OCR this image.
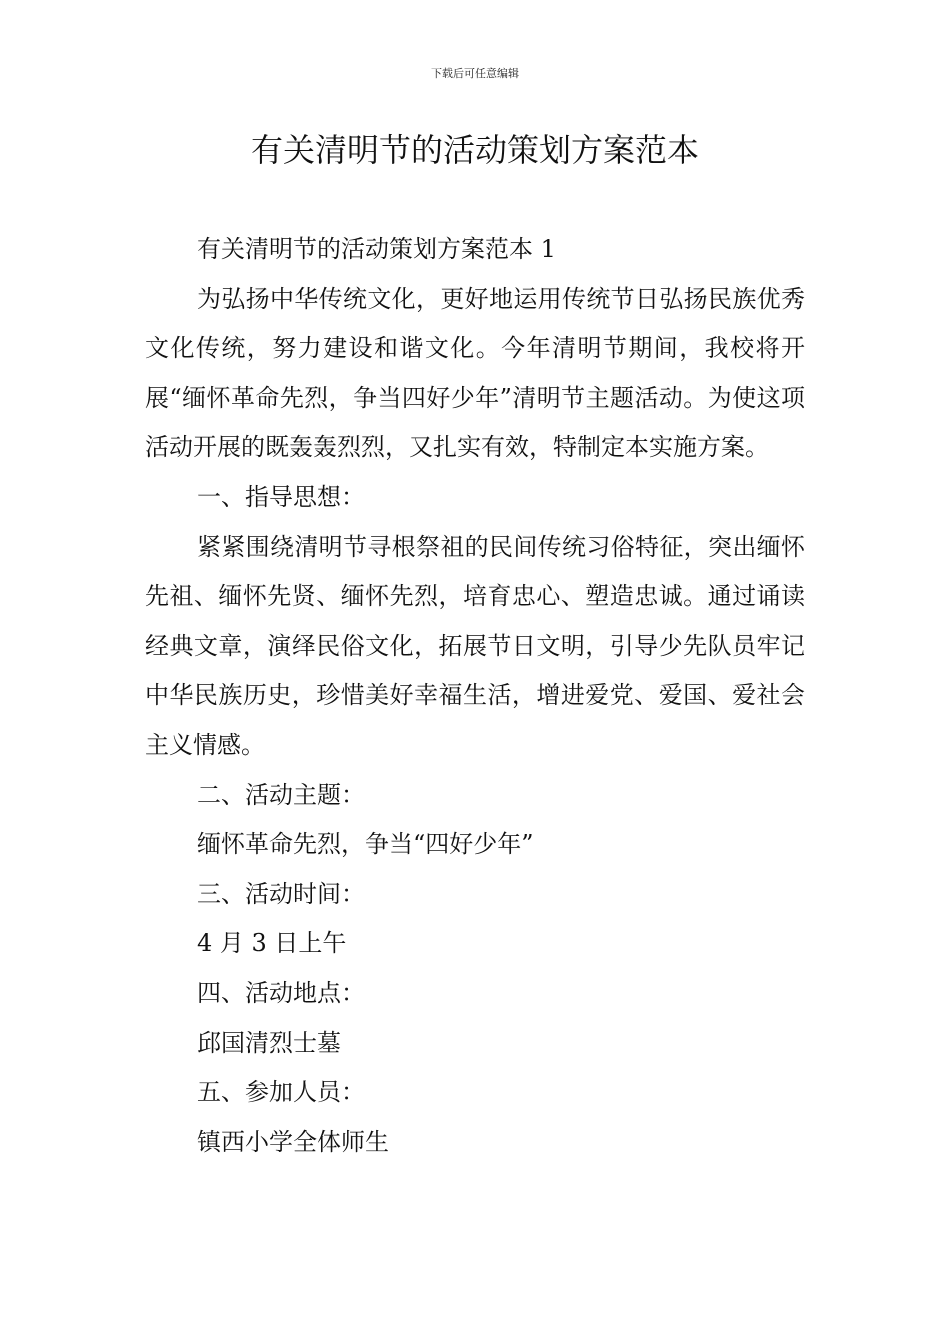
下载后可任意编辑
有关清明节的活动策划方案范本

有关清明节的活动策划方案范本 1

为弘扬中华传统文化，更好地运用传统节日弘扬民族优秀文化传统，努力建设和谐文化。今年清明节期间，我校将开展“缅怀革命先烈，争当四好少年”清明节主题活动。为使这项活动开展的既轰轰烈烈，又扎实有效，特制定本实施方案。

一、指导思想：

紧紧围绕清明节寻根祭祖的民间传统习俗特征，突出缅怀先祖、缅怀先贤、缅怀先烈，培育忠心、塑造忠诚。通过诵读经典文章，演绎民俗文化，拓展节日文明，引导少先队员牢记中华民族历史，珍惜美好幸福生活，增进爱党、爱国、爱社会主义情感。

二、活动主题：

缅怀革命先烈，争当“四好少年”

三、活动时间：

4 月 3 日上午

四、活动地点：

邱国清烈士墓

五、参加人员：

镇西小学全体师生
